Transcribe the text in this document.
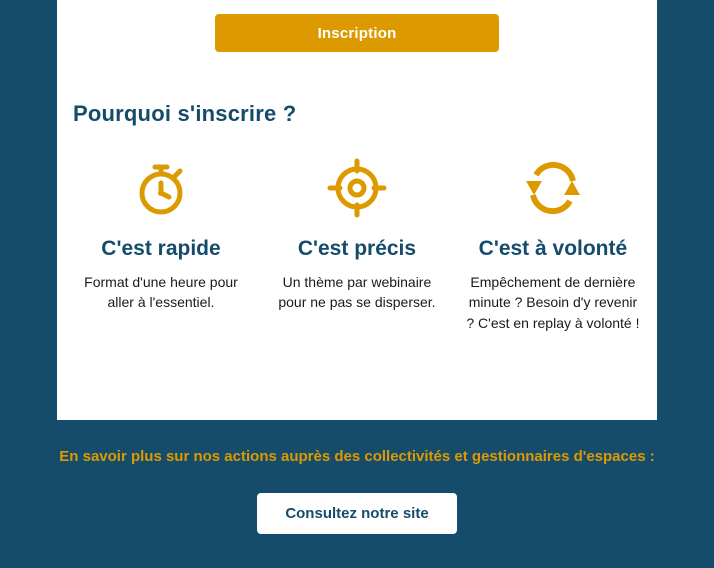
Inscription
Pourquoi s'inscrire ?
C'est rapide
Format d'une heure pour aller à l'essentiel.
C'est précis
Un thème par webinaire pour ne pas se disperser.
C'est à volonté
Empêchement de dernière minute ? Besoin d'y revenir ? C'est en replay à volonté !
En savoir plus sur nos actions auprès des collectivités et gestionnaires d'espaces :
Consultez notre site
